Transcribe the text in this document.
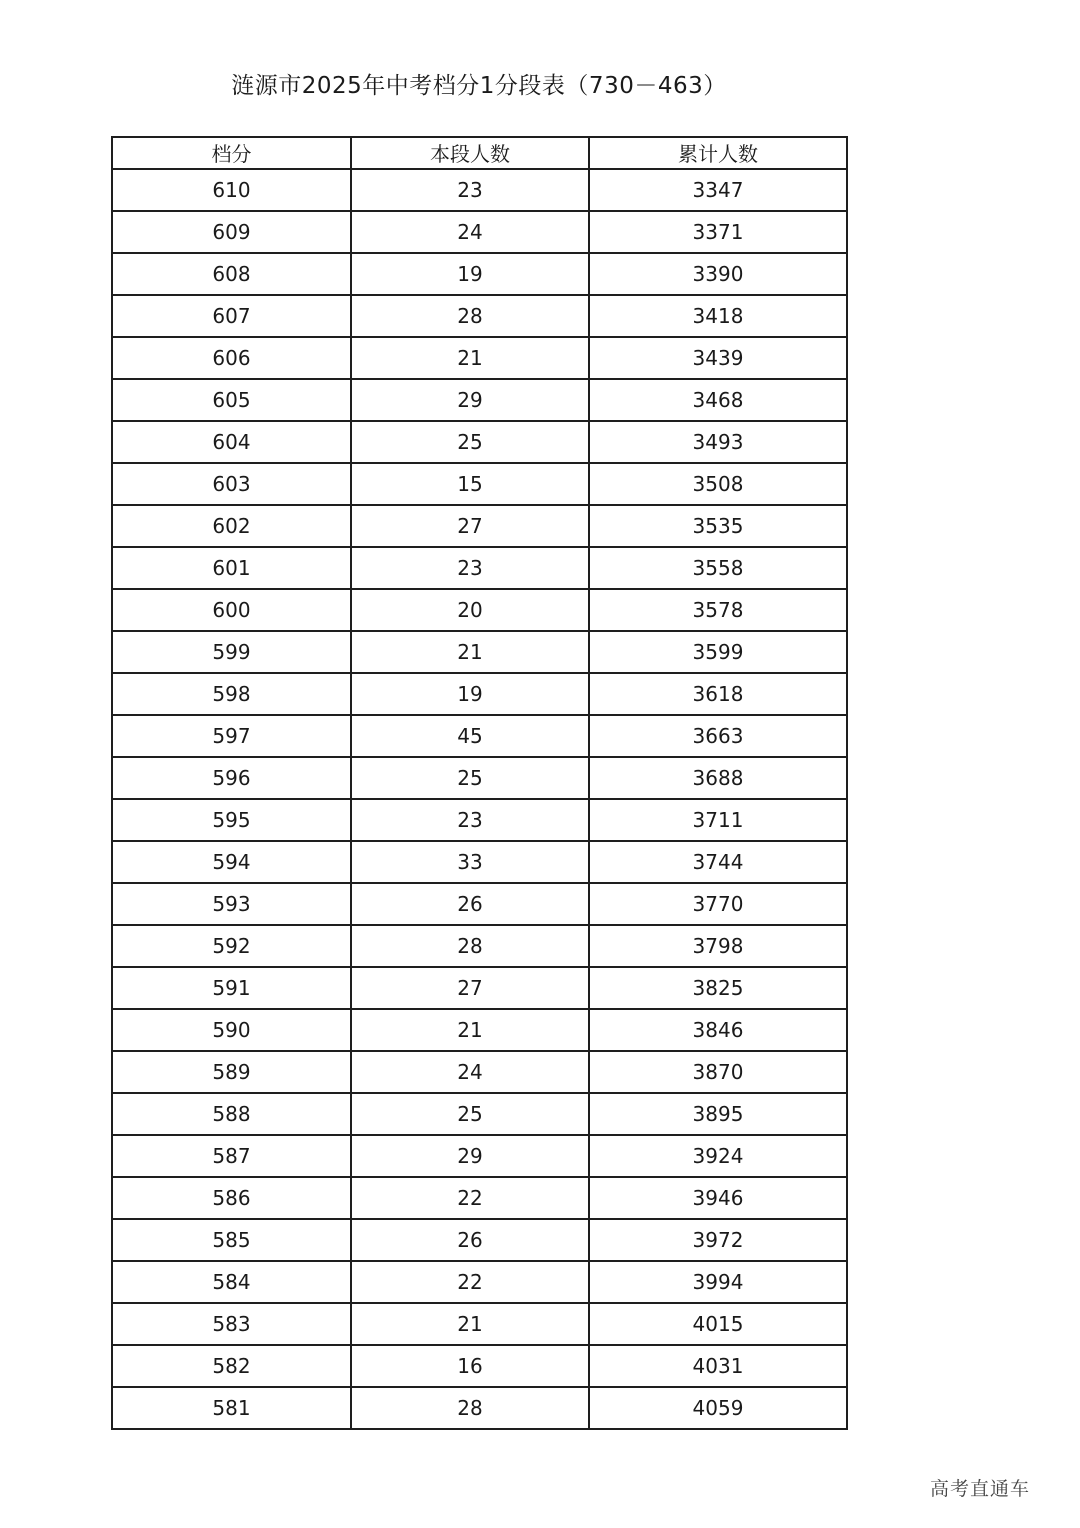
涟源市2025年中考档分1分段表（730－463）
档分	本段人数	累计人数
610	23	3347
609	24	3371
608	19	3390
607	28	3418
606	21	3439
605	29	3468
604	25	3493
603	15	3508
602	27	3535
601	23	3558
600	20	3578
599	21	3599
598	19	3618
597	45	3663
596	25	3688
595	23	3711
594	33	3744
593	26	3770
592	28	3798
591	27	3825
590	21	3846
589	24	3870
588	25	3895
587	29	3924
586	22	3946
585	26	3972
584	22	3994
583	21	4015
582	16	4031
581	28	4059
高考直通车
